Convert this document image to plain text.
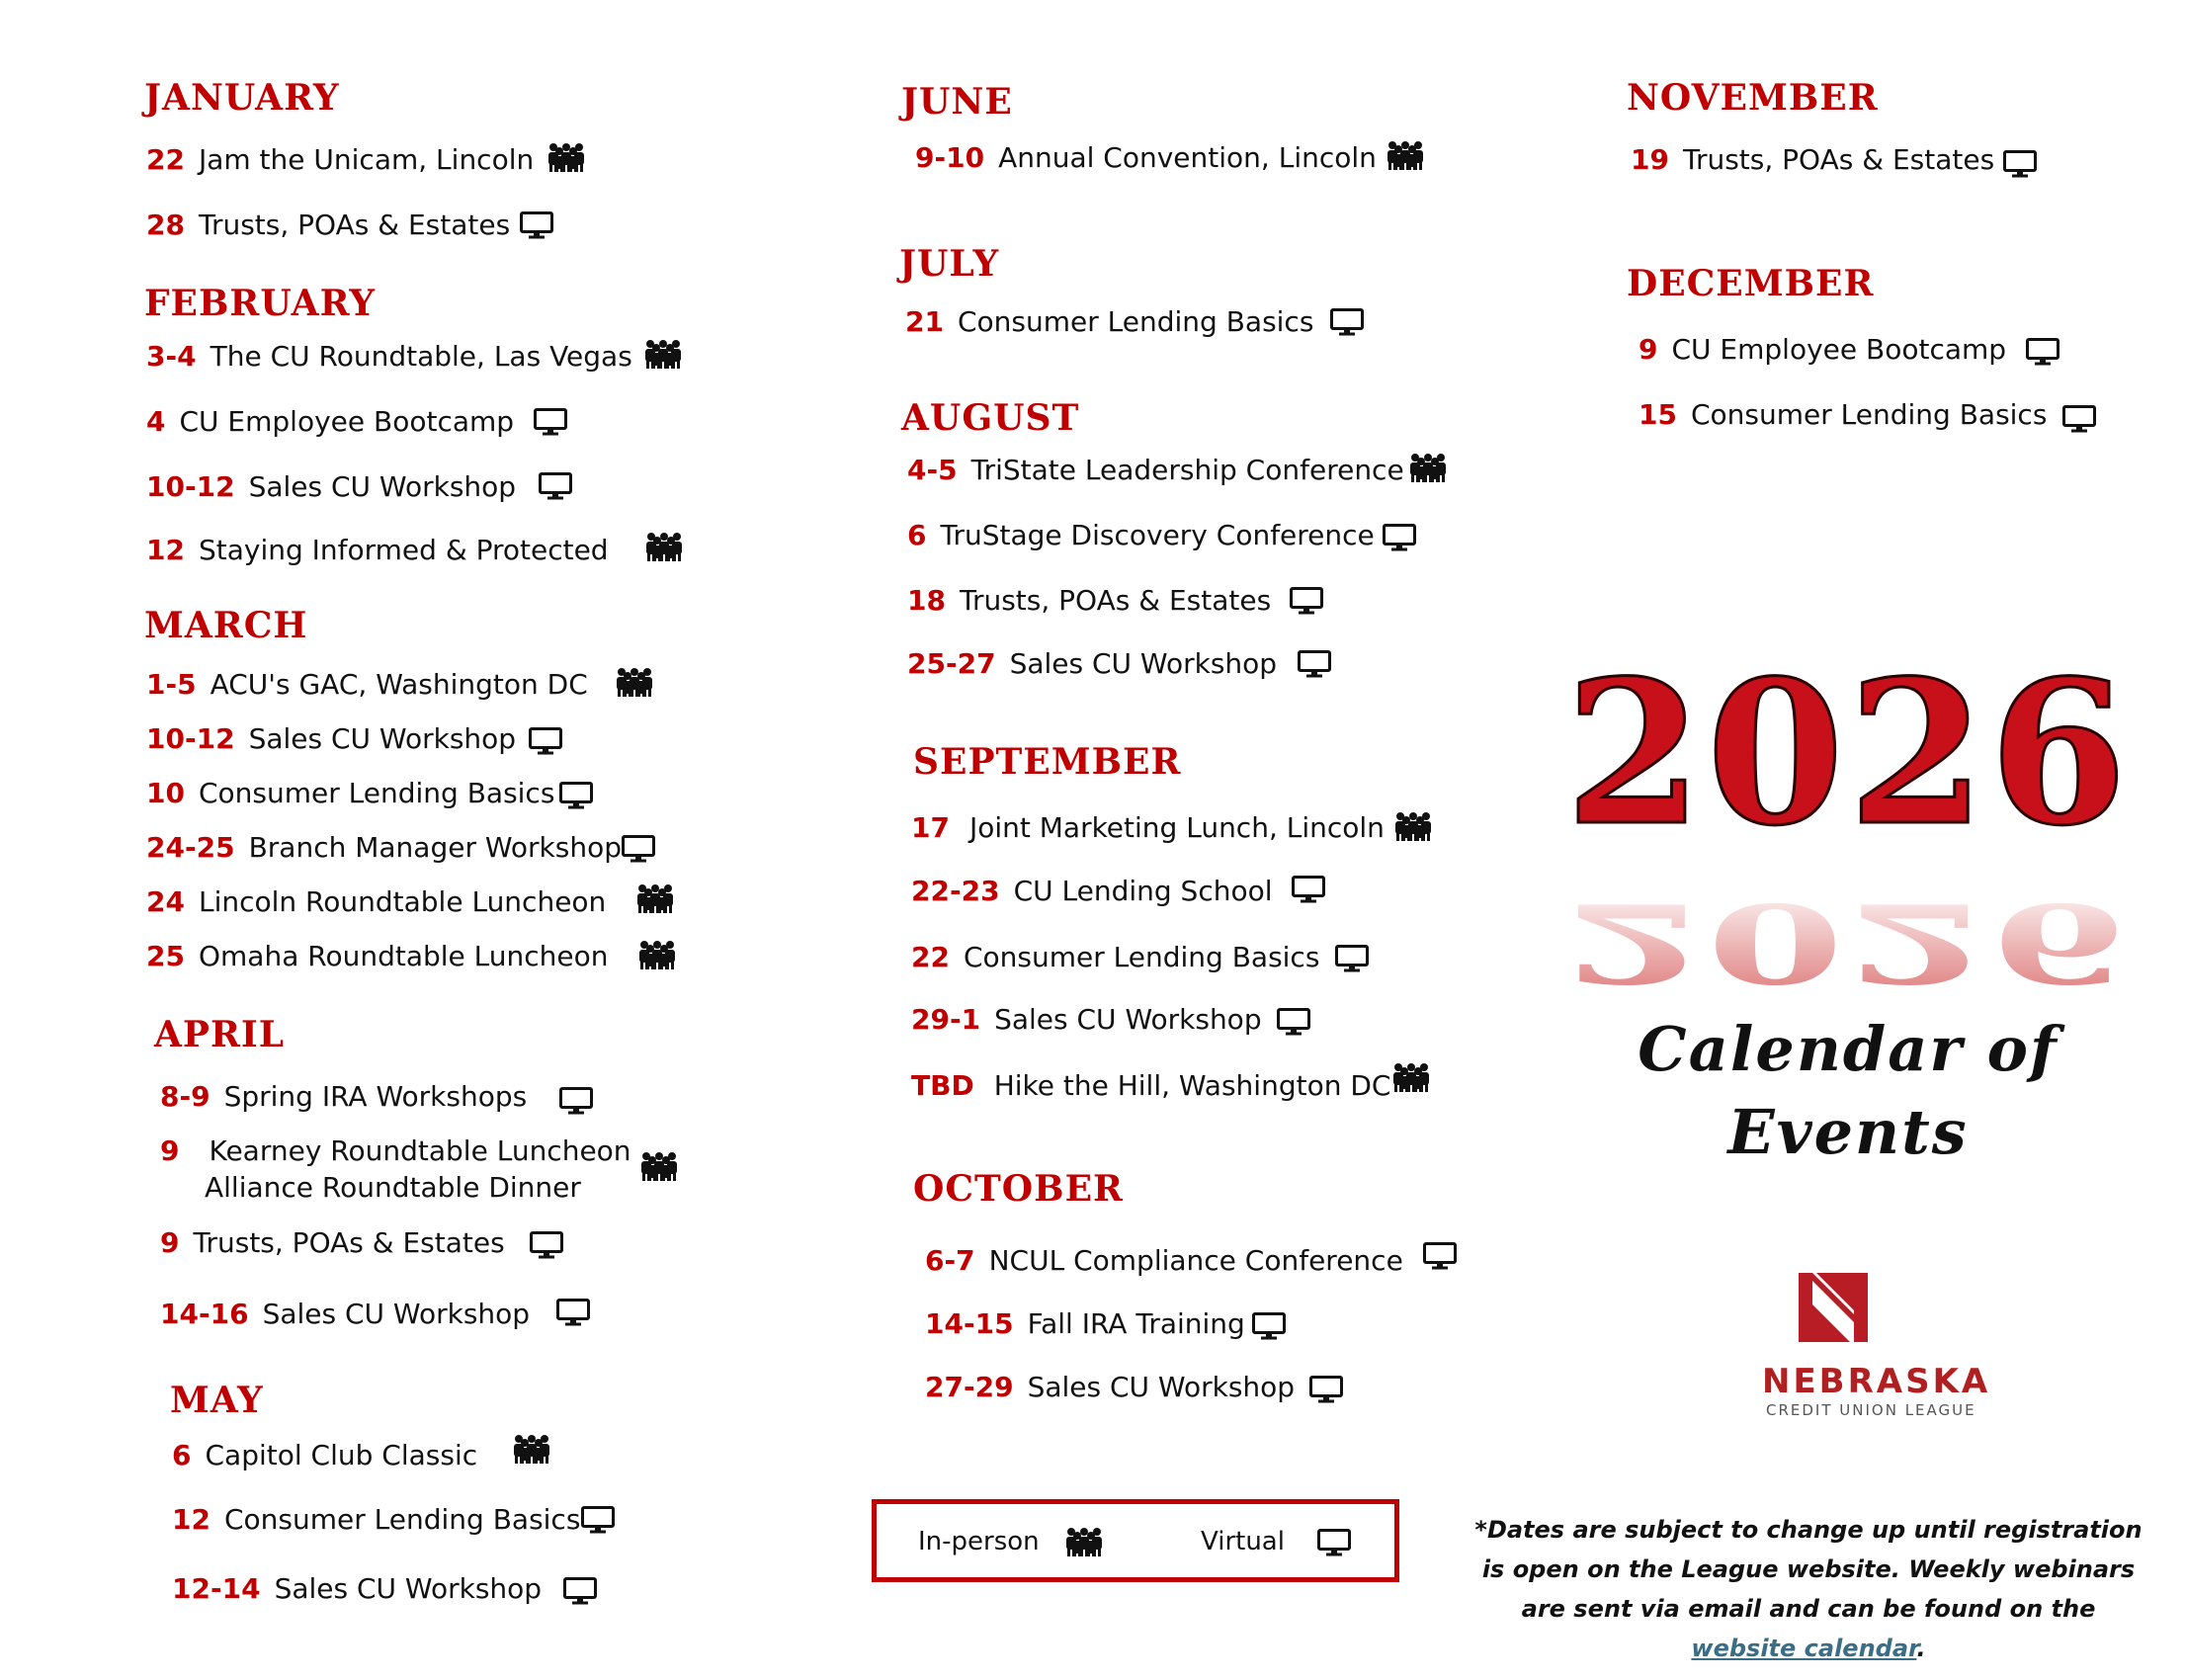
JANUARY
22 Jam the Unicam, Lincoln
28 Trusts, POAs & Estates
FEBRUARY
3-4 The CU Roundtable, Las Vegas
4 CU Employee Bootcamp
10-12 Sales CU Workshop
12 Staying Informed & Protected
MARCH
1-5 ACU's GAC, Washington DC
10-12 Sales CU Workshop
10 Consumer Lending Basics
24-25 Branch Manager Workshop
24 Lincoln Roundtable Luncheon
25 Omaha Roundtable Luncheon
APRIL
8-9 Spring IRA Workshops
9 Kearney Roundtable Luncheon
Alliance Roundtable Dinner
9 Trusts, POAs & Estates
14-16 Sales CU Workshop
MAY
6 Capitol Club Classic
12 Consumer Lending Basics
12-14 Sales CU Workshop
JUNE
9-10 Annual Convention, Lincoln
JULY
21 Consumer Lending Basics
AUGUST
4-5 TriState Leadership Conference
6 TruStage Discovery Conference
18 Trusts, POAs & Estates
25-27 Sales CU Workshop
SEPTEMBER
17 Joint Marketing Lunch, Lincoln
22-23 CU Lending School
22 Consumer Lending Basics
29-1 Sales CU Workshop
TBD Hike the Hill, Washington DC
OCTOBER
6-7 NCUL Compliance Conference
14-15 Fall IRA Training
27-29 Sales CU Workshop
NOVEMBER
19 Trusts, POAs & Estates
DECEMBER
9 CU Employee Bootcamp
15 Consumer Lending Basics
2026
2026
Calendar of
Events
NEBRASKA
CREDIT UNION LEAGUE
In-person	Virtual	*Dates are subject to change up until registration is open on the League website. Weekly webinars are sent via email and can be found on the
website calendar.
